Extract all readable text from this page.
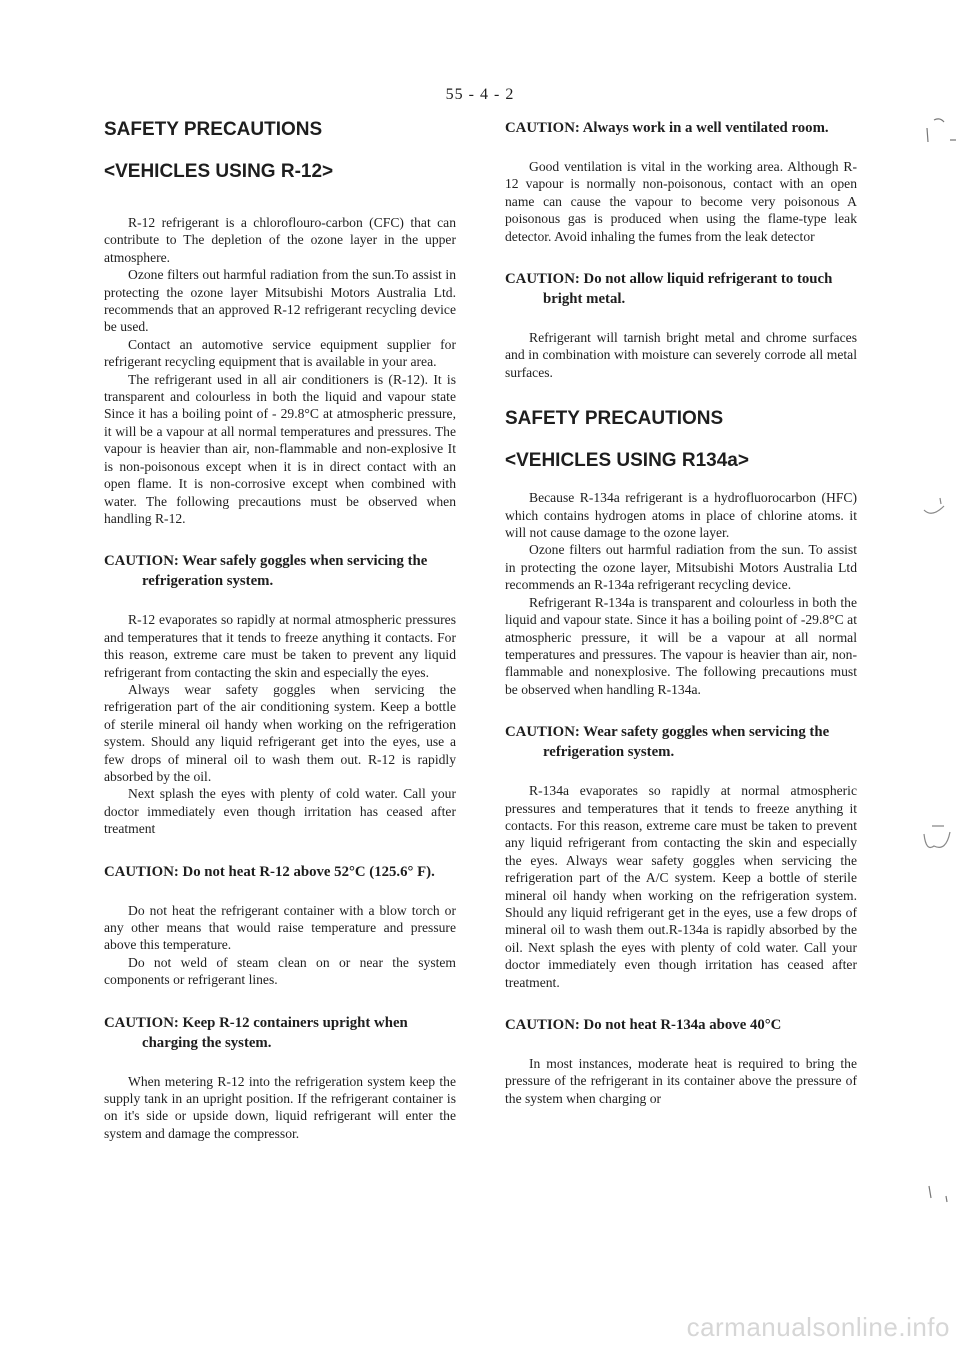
55 - 4 - 2
SAFETY PRECAUTIONS
<VEHICLES USING R-12>

R-12 refrigerant is a chloroflouro-carbon (CFC) that can contribute to The depletion of the ozone layer in the upper atmosphere.

Ozone filters out harmful radiation from the sun.To assist in protecting the ozone layer Mitsubishi Motors Australia Ltd. recommends that an approved R-12 refrigerant recycling device be used.

Contact an automotive service equipment supplier for refrigerant recycling equipment that is available in your area.

The refrigerant used in all air conditioners is (R-12). It is transparent and colourless in both the liquid and vapour state Since it has a boiling point of - 29.8°C at atmospheric pressure, it will be a vapour at all normal temperatures and pressures. The vapour is heavier than air, non-flammable and non-explosive It is non-poisonous except when it is in direct contact with an open flame. It is non-corrosive except when combined with water. The following precautions must be observed when handling R-12.

CAUTION: Wear safely goggles when servicing the
refrigeration system.

R-12 evaporates so rapidly at normal atmospheric pressures and temperatures that it tends to freeze anything it contacts. For this reason, extreme care must be taken to prevent any liquid refrigerant from contacting the skin and especially the eyes.

Always wear safety goggles when servicing the refrigeration part of the air conditioning system. Keep a bottle of sterile mineral oil handy when working on the refrigeration system. Should any liquid refrigerant get into the eyes, use a few drops of mineral oil to wash them out. R-12 is rapidly absorbed by the oil.

Next splash the eyes with plenty of cold water. Call your doctor immediately even though irritation has ceased after treatment

CAUTION: Do not heat R-12 above 52°C (125.6° F).

Do not heat the refrigerant container with a blow torch or any other means that would raise temperature and pressure above this temperature.

Do not weld of steam clean on or near the system components or refrigerant lines.

CAUTION: Keep R-12 containers upright when
charging the system.

When metering R-12 into the refrigeration system keep the supply tank in an upright position. If the refrigerant container is on it's side or upside down, liquid refrigerant will enter the system and damage the compressor.

CAUTION: Always work in a well ventilated room.

Good ventilation is vital in the working area. Although R-12 vapour is normally non-poisonous, contact with an open name can cause the vapour to become very poisonous A poisonous gas is produced when using the flame-type leak detector. Avoid inhaling the fumes from the leak detector

CAUTION: Do not allow liquid refrigerant to touch
bright metal.

Refrigerant will tarnish bright metal and chrome surfaces and in combination with moisture can severely corrode all metal surfaces.

SAFETY PRECAUTIONS
<VEHICLES USING R134a>

Because R-134a refrigerant is a hydrofluorocarbon (HFC) which contains hydrogen atoms in place of chlorine atoms. it will not cause damage to the ozone layer.

Ozone filters out harmful radiation from the sun. To assist in protecting the ozone layer, Mitsubishi Motors Australia Ltd recommends an R-134a refrigerant recycling device.

Refrigerant R-134a is transparent and colourless in both the liquid and vapour state. Since it has a boiling point of -29.8°C at atmospheric pressure, it will be a vapour at all normal temperatures and pressures. The vapour is heavier than air, non-flammable and nonexplosive. The following precautions must be observed when handling R-134a.

CAUTION: Wear safety goggles when servicing the
refrigeration system.

R-134a evaporates so rapidly at normal atmospheric pressures and temperatures that it tends to freeze anything it contacts. For this reason, extreme care must be taken to prevent any liquid refrigerant from contacting the skin and especially the eyes. Always wear safety goggles when servicing the refrigeration part of the A/C system. Keep a bottle of sterile mineral oil handy when working on the refrigeration system. Should any liquid refrigerant get in the eyes, use a few drops of mineral oil to wash them out.R-134a is rapidly absorbed by the oil. Next splash the eyes with plenty of cold water. Call your doctor immediately even though irritation has ceased after treatment.

CAUTION: Do not heat R-134a above 40°C

In most instances, moderate heat is required to bring the pressure of the refrigerant in its container above the pressure of the system when charging or

carmanualsonline.info
